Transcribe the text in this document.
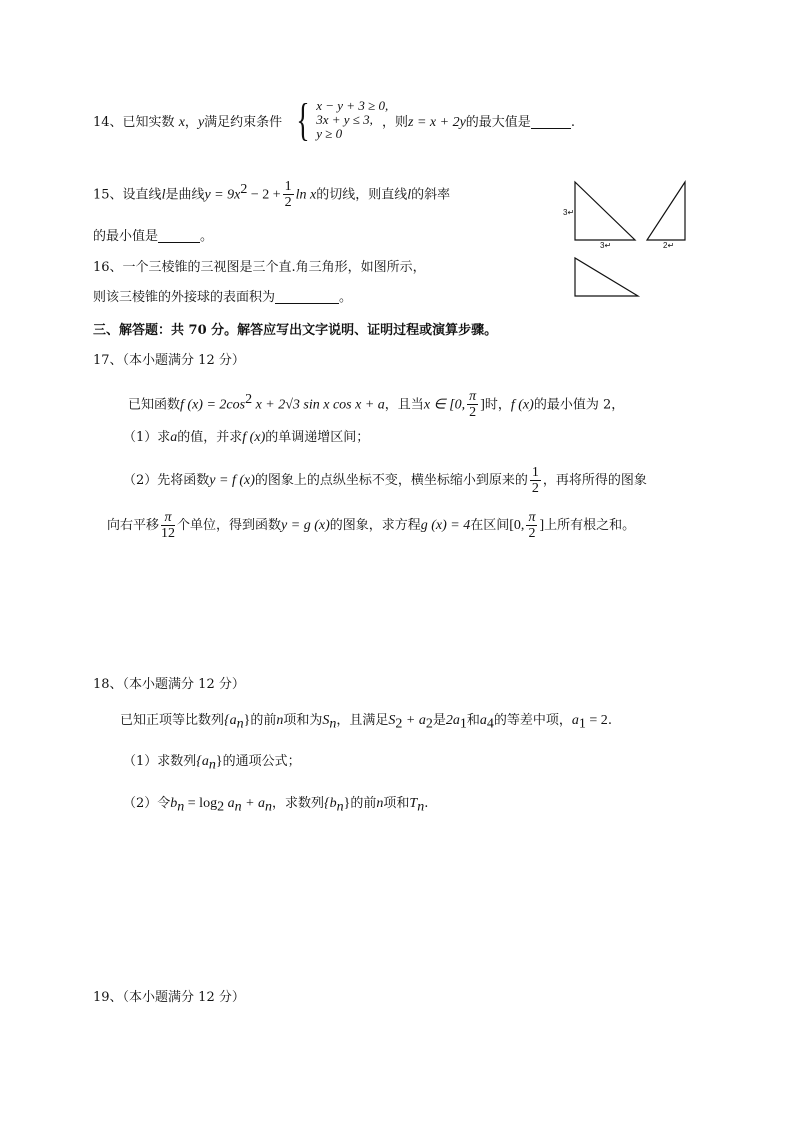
14、已知实数 x，y满足约束条件 { x − y + 3 ≥ 0,
3x + y ≤ 3,
y ≥ 0
，则z = x + 2y的最大值是	.
15、设直线l是曲线$y = 9x^2 - 2 + \frac{1}{2}$ ln x的切线，则直线l的斜率
的最小值是	。
3↵
3↵	2↵
16、一个三棱锥的三视图是三个直.角三角形，如图所示，
则该三棱锥的外接球的表面积为	。
三、解答题：共 70 分。解答应写出文字说明、证明过程或演算步骤。
17、（本小题满分 12 分）
已知函数f $(x) = 2\cos^2$ x + 2√3 sin x cos x + a，且当x ∈ [0, $\frac{\pi}{2}$ ]时，f (x)的最小值为 2，
（1）求a的值，并求f (x)的单调递增区间；
（2）先将函数y = f (x)的图象上的点纵坐标不变，横坐标缩小到原来的 $\frac{1}{2}$ ，再将所得的图象
向右平移 $\frac{\pi}{12}$ 个单位，得到函数y = g (x)的图象，求方程g (x) = 4在区间[0, $\frac{\pi}{2}$ ]上所有根之和。
18、（本小题满分 12 分）
已知正项等比数列$\{a_n\}$的前n项和为$S_n$，且满足$S_2 + a_2$是$2a_1$和$a_4$的等差中项，$a_1 = 2$.
（1）求数列$\{a_n\}$的通项公式；
（2）令$b_n = \log_2 a_n + a_n$，求数列$\{b_n\}$的前n项和$T_n$.
19、（本小题满分 12 分）
